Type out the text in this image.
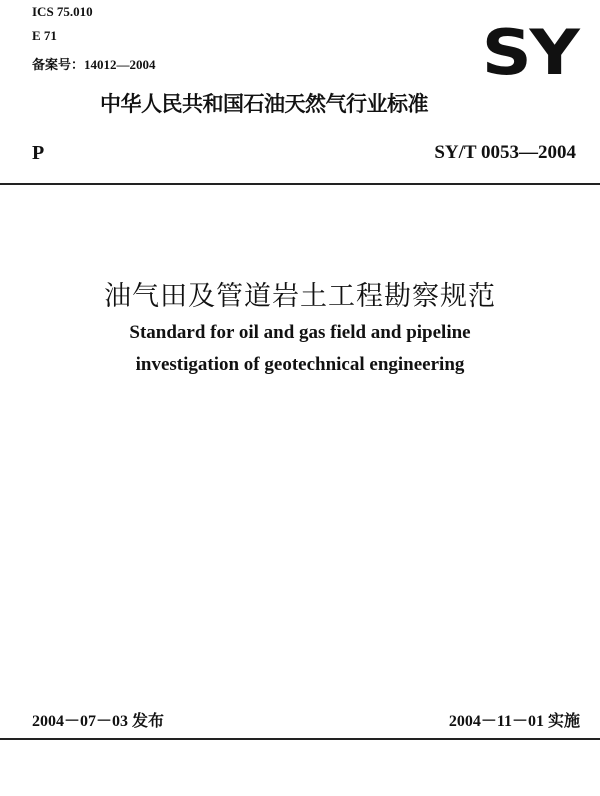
ICS 75.010
E 71
备案号：14012—2004	SY
中华人民共和国石油天然气行业标准
P	SY/T 0053—2004
油气田及管道岩土工程勘察规范
Standard for oil and gas field and pipeline
investigation of geotechnical engineering
2004－07－03 发布	2004－11－01 实施
